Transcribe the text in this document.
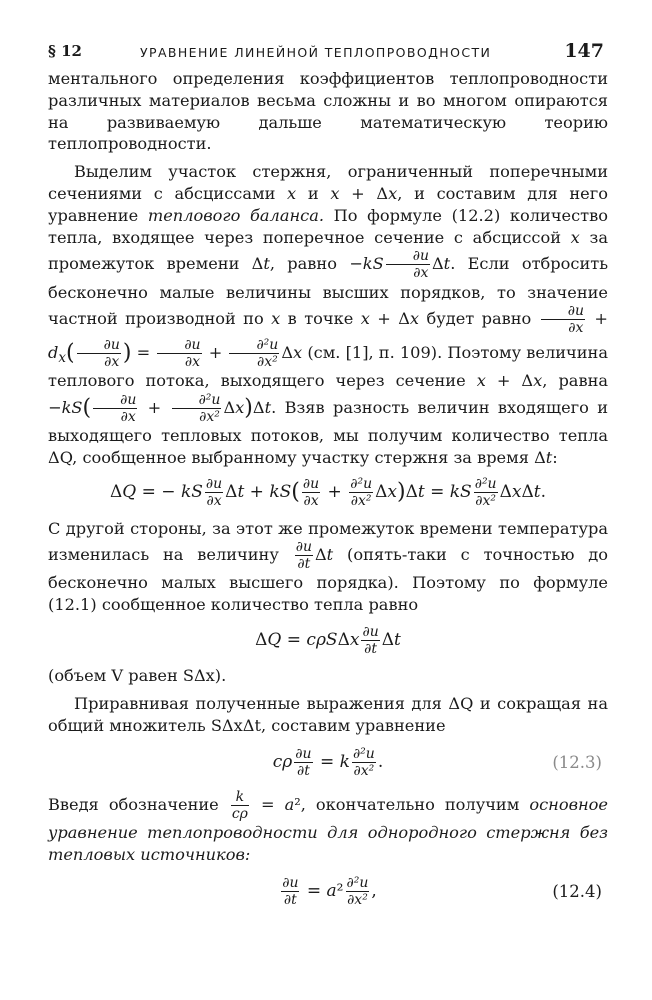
§ 12	УРАВНЕНИЕ ЛИНЕЙНОЙ ТЕПЛОПРОВОДНОСТИ	147

ментального определения коэффициентов теплопроводности различных материалов весьма сложны и во многом опираются на развиваемую дальше математическую теорию теплопроводности.

Выделим участок стержня, ограниченный поперечными сечениями с абсциссами x и x + Δx, и составим для него уравнение теплового баланса. По формуле (12.2) количество тепла, входящее через поперечное сечение с абсциссой x за промежуток времени Δt, равно $-kS \frac{\partial u}{\partial x} \Delta t$. Если отбросить бесконечно малые величины высших порядков, то значение частной производной по x в точке x + Δx будет равно $\frac{\partial u}{\partial x} + d_x( \frac{\partial u}{\partial x}$ ) = $\frac{\partial u}{\partial x} + \frac{\text{∂²u}}{\text{∂x²}}$ Δx (см. [1], п. 109). Поэтому величина теплового потока, выходящего через сечение x + Δx, равна $-kS( \frac{\partial u}{\partial x} + \frac{\text{∂²u}}{\text{∂x²}} \Delta x)\Delta t$. Взяв разность величин входящего и выходящего тепловых потоков, мы получим количество тепла ΔQ, сообщенное выбранному участку стержня за время Δt:

ΔQ = − kS $\frac{\partial u}{\partial x}$ $\Delta t + kS( \frac{\partial u}{\partial x} + \frac{\text{∂²u}}{\text{∂x²}} \Delta x)\Delta t$ = kS $\frac{\text{∂²u}}{\text{∂x²}} \Delta x\Delta t$.

С другой стороны, за этот же промежуток времени температура изменилась на величину $\frac{\partial u}{\partial t}$ Δt (опять-таки с точностью до бесконечно малых высшего порядка). Поэтому по формуле (12.1) сообщенное количество тепла равно

ΔQ = cρSΔx $\frac{\partial u}{\partial t}$ Δt

(объем V равен SΔx).

Приравнивая полученные выражения для ΔQ и сокращая на общий множитель SΔxΔt, составим уравнение

cρ $\frac{\partial u}{\partial t} = k \frac{\text{∂²u}}{\text{∂x²}}$ .	(12.3)

Введя обозначение $\frac{k}{c\rho} = a^2$, окончательно получим основное уравнение теплопроводности для однородного стержня без тепловых источников:

$\frac{\partial u}{\partial t} = a^2 \frac{\text{∂²u}}{\text{∂x²}}$ ,	(12.4)
